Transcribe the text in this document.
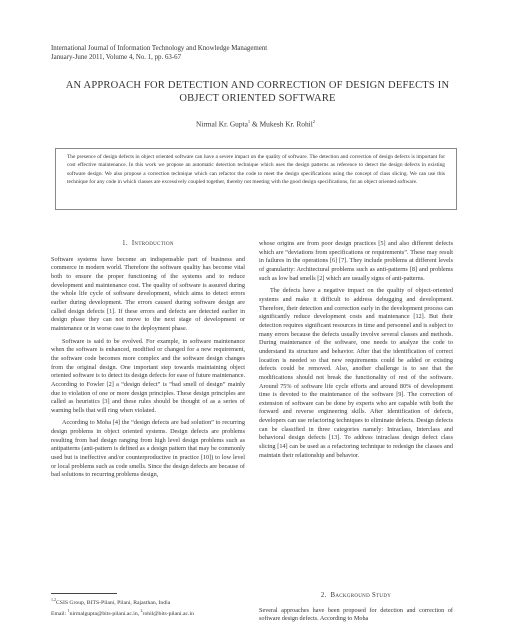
International Journal of Information Technology and Knowledge Management
January-June 2011, Volume 4, No. 1, pp. 63-67
AN APPROACH FOR DETECTION AND CORRECTION OF DESIGN DEFECTS IN OBJECT ORIENTED SOFTWARE
Nirmal Kr. Gupta$^1$ & Mukesh Kr. Rohil$^2$

The presence of design defects in object oriented software can have a severe impact on the quality of software. The detection and correction of design defects is important for cost effective maintenance. In this work we propose an automatic detection technique which uses the design patterns as reference to detect the design defects in existing software design. We also propose a correction technique which can refactor the code to meet the design specifications using the concept of class slicing. We can use this technique for any code in which classes are excessively coupled together, thereby not meeting with the good design specifications, for an object oriented software.

1. Introduction

Software systems have become an indispensable part of business and commerce in modern world. Therefore the software quality has become vital both to ensure the proper functioning of the systems and to reduce development and maintenance cost. The quality of software is assured during the whole life cycle of software development, which aims to detect errors earlier during development. The errors caused during software design are called design defects [1]. If these errors and defects are detected earlier in design phase they can not move to the next stage of development or maintenance or in worse case to the deployment phase.

Software is said to be evolved. For example, in software maintenance when the software is enhanced, modified or changed for a new requirement, the software code becomes more complex and the software design changes from the original design. One important step towards maintaining object oriented software is to detect its design defects for ease of future maintenance. According to Fowler [2] a “design defect” is “bad smell of design” mainly due to violation of one or more design principles. These design principles are called as heuristics [3] and these rules should be thought of as a series of warning bells that will ring when violated.

According to Moha [4] the “design defects are bad solution” to recurring design problems in object oriented systems. Design defects are problems resulting from bad design ranging from high level design problems such as antipatterns (anti-pattern is defined as a design pattern that may be commonly used but is ineffective and/or counterproductive in practice [10]) to low level or local problems such as code smells. Since the design defects are because of bad solutions to recurring problems design,

whose origins are from poor design practices [5] and also different defects which are “deviations from specifications or requirements”. These may result in failures in the operations [6] [7]. They include problems at different levels of granularity: Architectural problems such as anti-patterns [8] and problems such as low bad smells [2] which are usually signs of anti-patterns.

The defects have a negative impact on the quality of object-oriented systems and make it difficult to address debugging and development. Therefore, their detection and correction early in the development process can significantly reduce development costs and maintenance [12]. But their detection requires significant resources in time and personnel and is subject to many errors because the defects usually involve several classes and methods. During maintenance of the software, one needs to analyze the code to understand its structure and behavior. After that the identification of correct location is needed so that new requirements could be added or existing defects could be removed. Also, another challenge is to see that the modifications should not break the functionality of rest of the software. Around 75% of software life cycle efforts and around 80% of development time is devoted to the maintenance of the software [9]. The correction of extension of software can be done by experts who are capable with both the forward and reverse engineering skills. After identification of defects, developers can use refactoring techniques to eliminate defects. Design defects can be classified in three categories namely: Intraclass, Interclass and behavioral design defects [13]. To address intraclass design defect class slicing [14] can be used as a refactoring technique to redesign the classes and maintain their relationship and behavior.

$^{1,2}$CSIS Group, BITS-Pilani, Pilani, Rajasthan, India
Email: $^1$nirmalgupta@bits-pilani.ac.in, $^2$rohil@bits-pilani.ac.in
2. Background Study

Several approaches have been proposed for detection and correction of software design defects. According to Moha
